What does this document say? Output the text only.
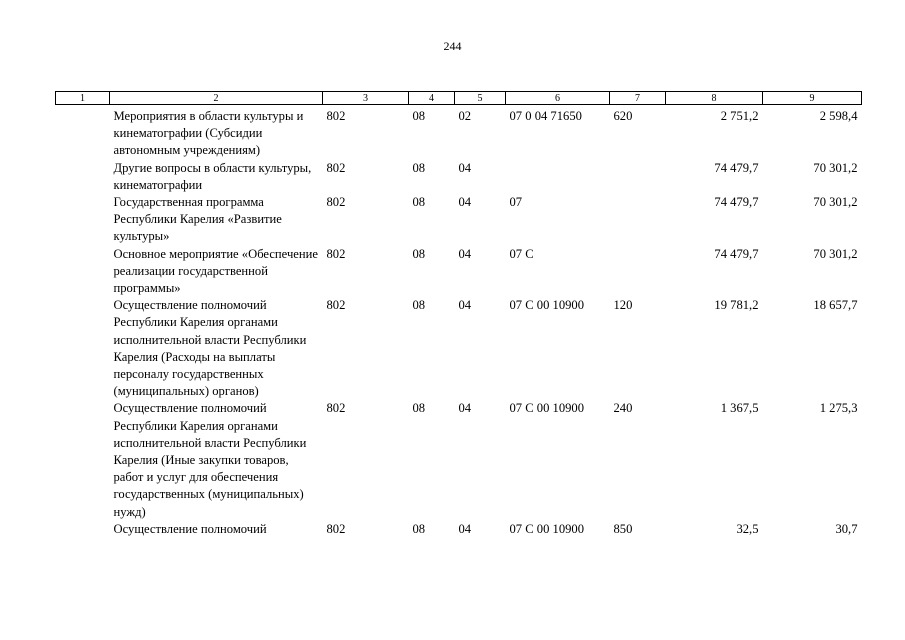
244
1	2	3	4	5	6	7	8	9
	Мероприятия в области культуры и кинематографии (Субсидии автономным учреждениям)	802	08	02	07 0 04 71650	620	2 751,2	2 598,4
	Другие вопросы в области культуры, кинематографии	802	08	04			74 479,7	70 301,2
	Государственная программа Республики Карелия «Развитие культуры»	802	08	04	07		74 479,7	70 301,2
	Основное мероприятие «Обеспечение реализации государственной программы»	802	08	04	07 С		74 479,7	70 301,2
	Осуществление полномочий Республики Карелия органами исполнительной власти Республики Карелия (Расходы на выплаты персоналу государственных (муниципальных) органов)	802	08	04	07 С 00 10900	120	19 781,2	18 657,7
	Осуществление полномочий Республики Карелия органами исполнительной власти Республики Карелия (Иные закупки товаров, работ и услуг для обеспечения государственных (муниципальных) нужд)	802	08	04	07 С 00 10900	240	1 367,5	1 275,3
	Осуществление полномочий	802	08	04	07 С 00 10900	850	32,5	30,7
